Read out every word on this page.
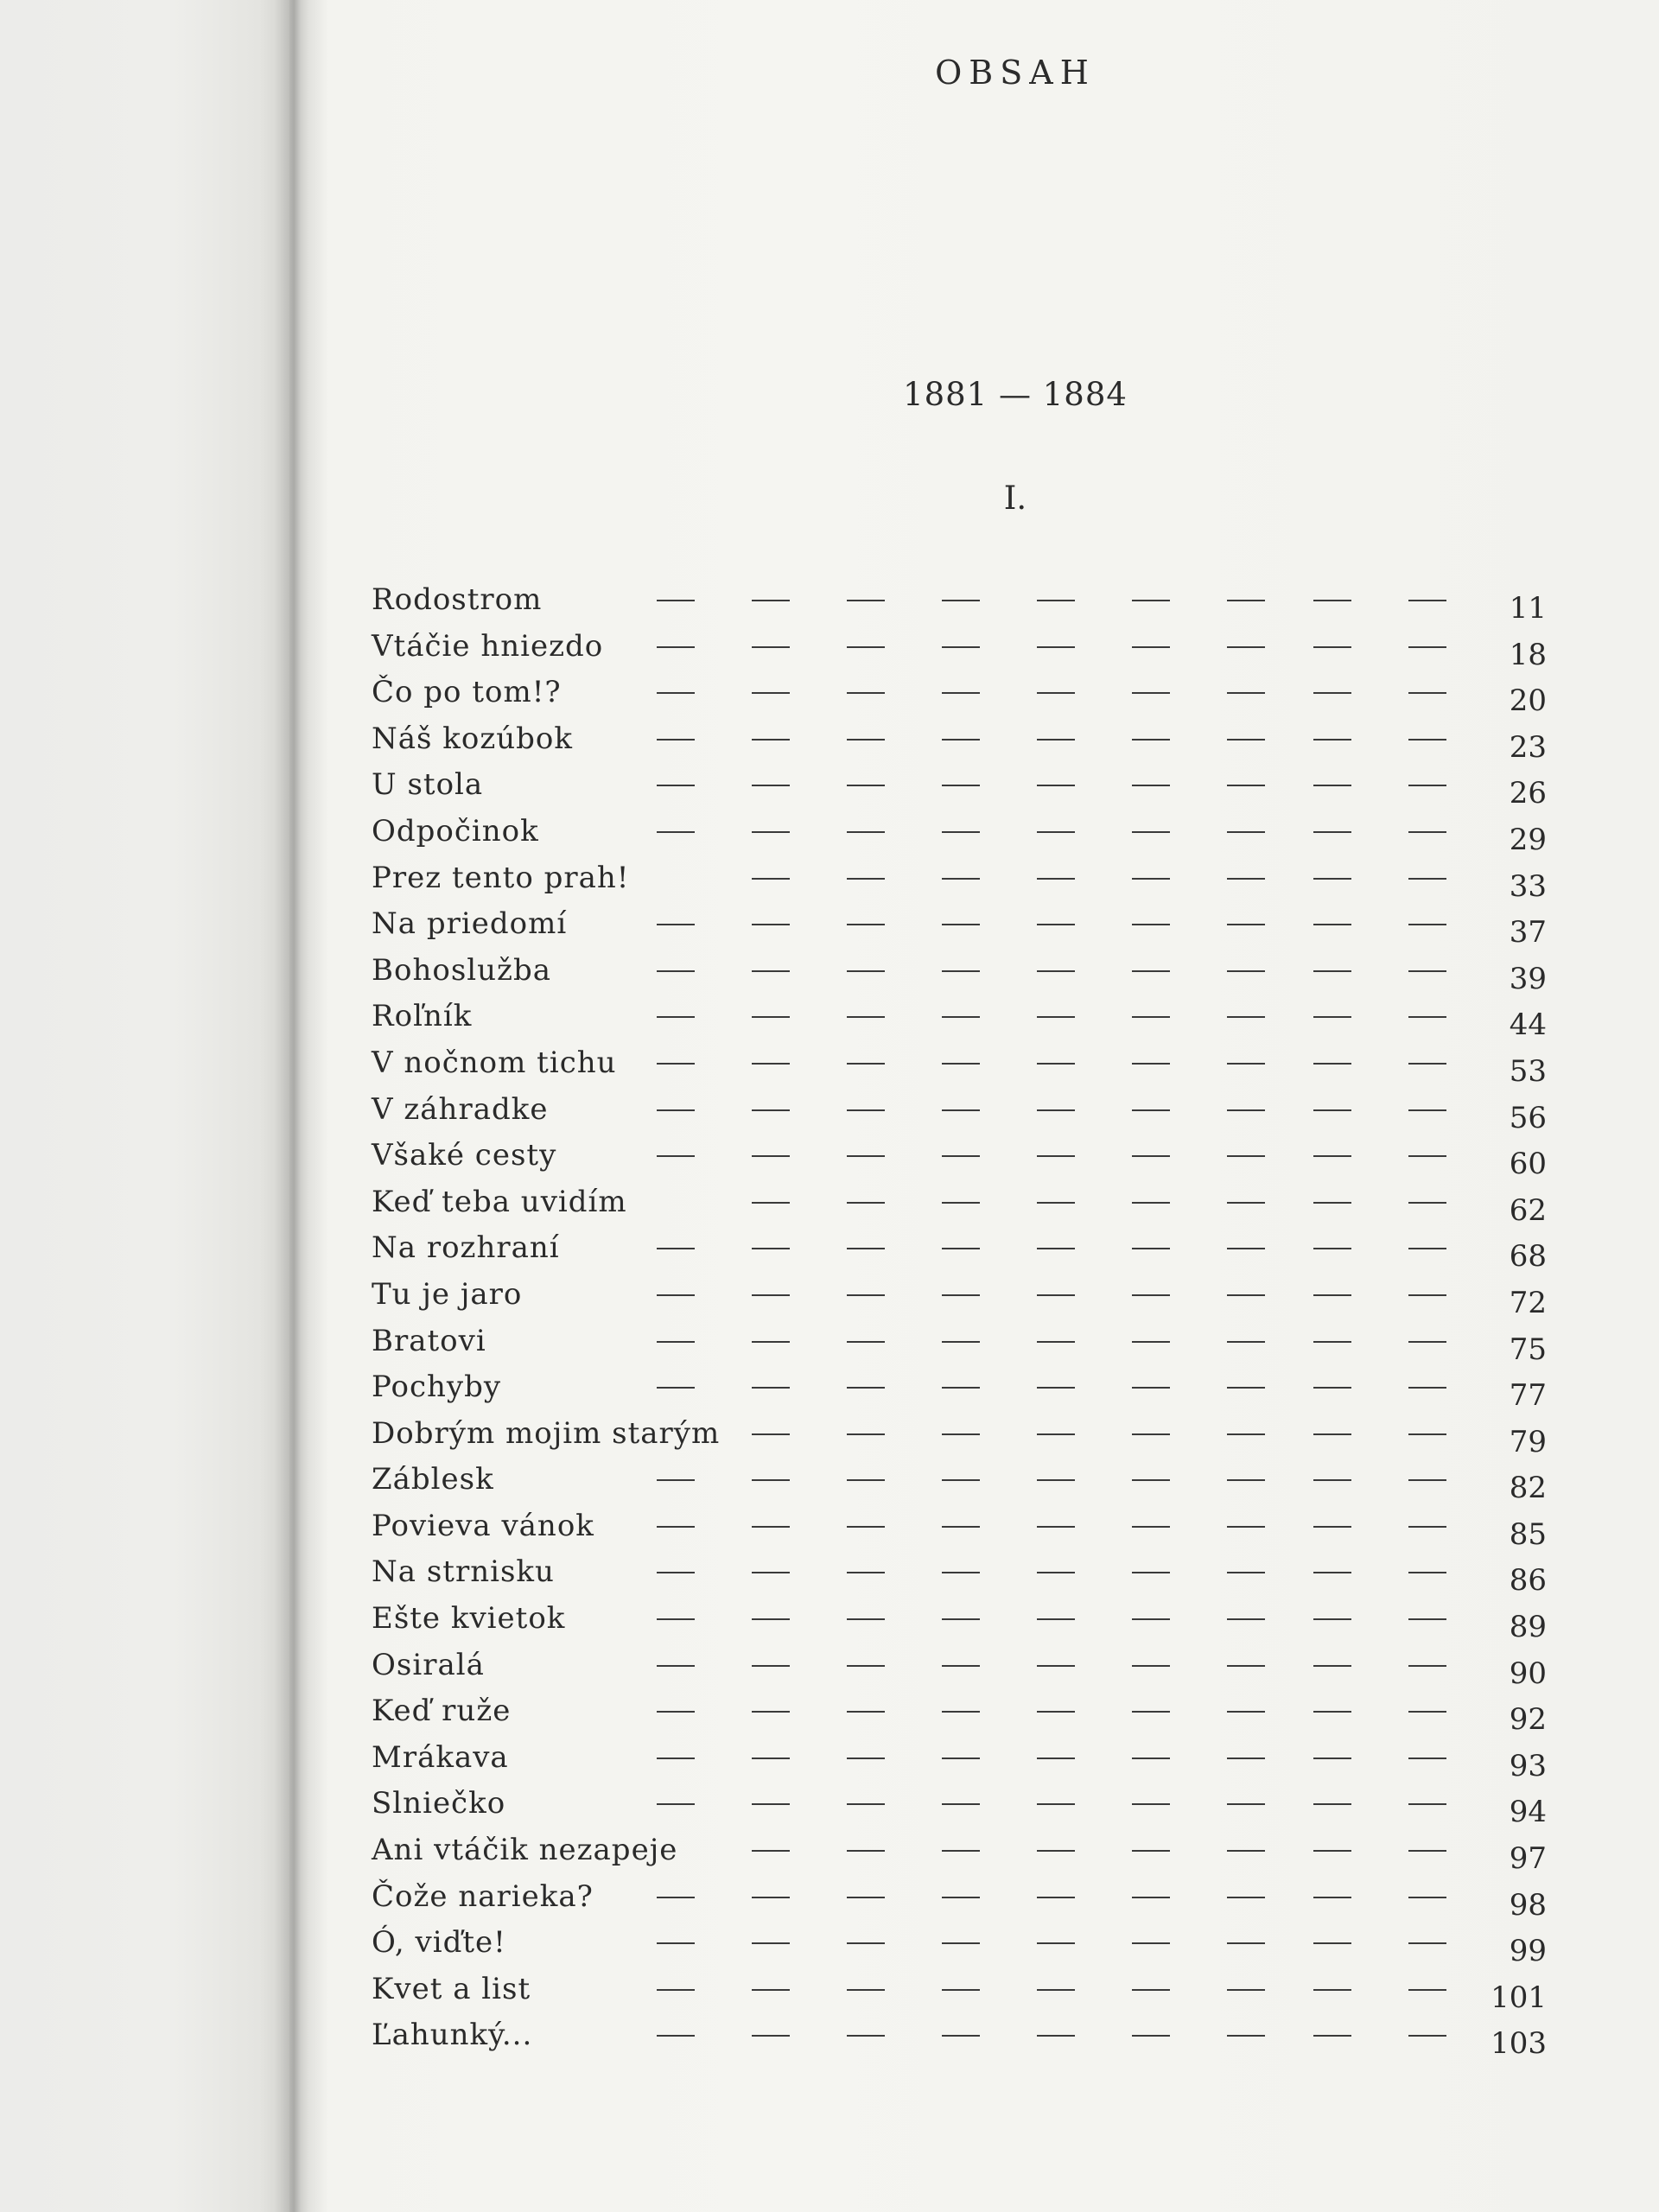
OBSAH
1881 — 1884
I.
Rodostrom	11
Vtáčie hniezdo	18
Čo po tom!?	20
Náš kozúbok	23
U stola	26
Odpočinok	29
Prez tento prah!	33
Na priedomí	37
Bohoslužba	39
Roľník	44
V nočnom tichu	53
V záhradke	56
Všaké cesty	60
Keď teba uvidím	62
Na rozhraní	68
Tu je jaro	72
Bratovi	75
Pochyby	77
Dobrým mojim starým	79
Záblesk	82
Povieva vánok	85
Na strnisku	86
Ešte kvietok	89
Osiralá	90
Keď ruže	92
Mrákava	93
Slniečko	94
Ani vtáčik nezapeje	97
Čože narieka?	98
Ó, viďte!	99
Kvet a list	101
Ľahunký...	103
